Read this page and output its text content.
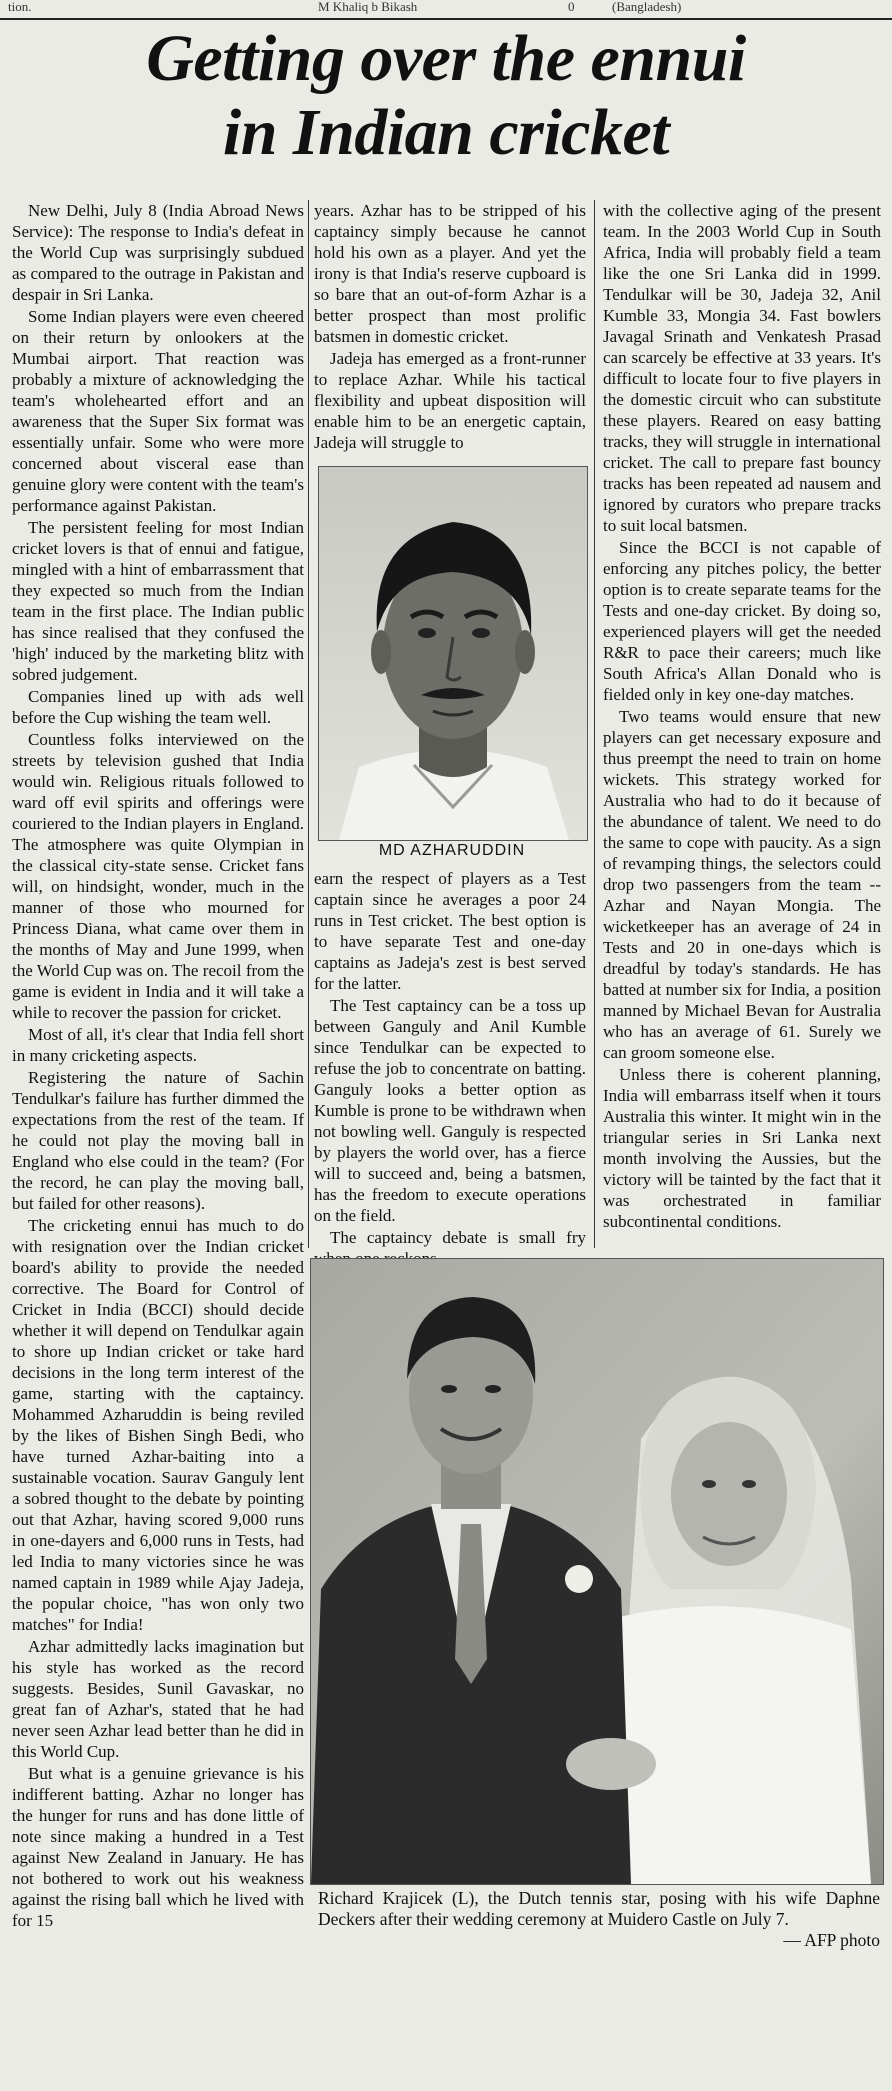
tion.	M Khaliq b Bikash	0	(Bangladesh)
Getting over the ennui
in Indian cricket

New Delhi, July 8 (India Abroad News Service): The response to India's defeat in the World Cup was surprisingly subdued as compared to the outrage in Pakistan and despair in Sri Lanka.

Some Indian players were even cheered on their return by onlookers at the Mumbai airport. That reaction was probably a mixture of acknowledging the team's wholehearted effort and an awareness that the Super Six format was essentially unfair. Some who were more concerned about visceral ease than genuine glory were content with the team's performance against Pakistan.

The persistent feeling for most Indian cricket lovers is that of ennui and fatigue, mingled with a hint of embarrassment that they expected so much from the Indian team in the first place. The Indian public has since realised that they confused the 'high' induced by the marketing blitz with sobred judgement.

Companies lined up with ads well before the Cup wishing the team well.

Countless folks interviewed on the streets by television gushed that India would win. Religious rituals followed to ward off evil spirits and offerings were couriered to the Indian players in England. The atmosphere was quite Olympian in the classical city-state sense. Cricket fans will, on hindsight, wonder, much in the manner of those who mourned for Princess Diana, what came over them in the months of May and June 1999, when the World Cup was on. The recoil from the game is evident in India and it will take a while to recover the passion for cricket.

Most of all, it's clear that India fell short in many cricketing aspects.

Registering the nature of Sachin Tendulkar's failure has further dimmed the expectations from the rest of the team. If he could not play the moving ball in England who else could in the team? (For the record, he can play the moving ball, but failed for other reasons).

The cricketing ennui has much to do with resignation over the Indian cricket board's ability to provide the needed corrective. The Board for Control of Cricket in India (BCCI) should decide whether it will depend on Tendulkar again to shore up Indian cricket or take hard decisions in the long term interest of the game, starting with the captaincy. Mohammed Azharuddin is being reviled by the likes of Bishen Singh Bedi, who have turned Azhar-baiting into a sustainable vocation. Saurav Ganguly lent a sobred thought to the debate by pointing out that Azhar, having scored 9,000 runs in one-dayers and 6,000 runs in Tests, had led India to many victories since he was named captain in 1989 while Ajay Jadeja, the popular choice, "has won only two matches" for India!

Azhar admittedly lacks imagination but his style has worked as the record suggests. Besides, Sunil Gavaskar, no great fan of Azhar's, stated that he had never seen Azhar lead better than he did in this World Cup.

But what is a genuine grievance is his indifferent batting. Azhar no longer has the hunger for runs and has done little of note since making a hundred in a Test against New Zealand in January. He has not bothered to work out his weakness against the rising ball which he lived with for 15

years. Azhar has to be stripped of his captaincy simply because he cannot hold his own as a player. And yet the irony is that India's reserve cupboard is so bare that an out-of-form Azhar is a better prospect than most prolific batsmen in domestic cricket.

Jadeja has emerged as a front-runner to replace Azhar. While his tactical flexibility and upbeat disposition will enable him to be an energetic captain, Jadeja will struggle to

MD AZHARUDDIN

earn the respect of players as a Test captain since he averages a poor 24 runs in Test cricket. The best option is to have separate Test and one-day captains as Jadeja's zest is best served for the latter.

The Test captaincy can be a toss up between Ganguly and Anil Kumble since Tendulkar can be expected to refuse the job to concentrate on batting. Ganguly looks a better option as Kumble is prone to be withdrawn when not bowling well. Ganguly is respected by players the world over, has a fierce will to succeed and, being a batsmen, has the freedom to execute operations on the field.

The captaincy debate is small fry

with the collective aging of the present team. In the 2003 World Cup in South Africa, India will probably field a team like the one Sri Lanka did in 1999. Tendulkar will be 30, Jadeja 32, Anil Kumble 33, Mongia 34. Fast bowlers Javagal Srinath and Venkatesh Prasad can scarcely be effective at 33 years. It's difficult to locate four to five players in the domestic circuit who can substitute these players. Reared on easy batting tracks, they will struggle in international cricket. The call to prepare fast bouncy tracks has been repeated ad nausem and ignored by curators who prepare tracks to suit local batsmen.

Since the BCCI is not capable of enforcing any pitches policy, the better option is to create separate teams for the Tests and one-day cricket. By doing so, experienced players will get the needed R&R to pace their careers; much like South Africa's Allan Donald who is fielded only in key one-day matches.

Two teams would ensure that new players can get necessary exposure and thus preempt the need to train on home wickets. This strategy worked for Australia who had to do it because of the abundance of talent. We need to do the same to cope with paucity. As a sign of revamping things, the selectors could drop two passengers from the team -- Azhar and Nayan Mongia. The wicketkeeper has an average of 24 in Tests and 20 in one-days which is dreadful by today's standards. He has batted at number six for India, a position manned by Michael Bevan for Australia who has an average of 61. Surely we can groom someone else.

Unless there is coherent planning, India will embarrass itself when it tours Australia this winter. It might win in the triangular series in Sri Lanka next month involving the Aussies, but the victory will be tainted by the fact that it was orchestrated in familiar subcontinental conditions.

Richard Krajicek (L), the Dutch tennis star, posing with his wife Daphne Deckers after their wedding ceremony at Muidero Castle on July 7.
— AFP photo
